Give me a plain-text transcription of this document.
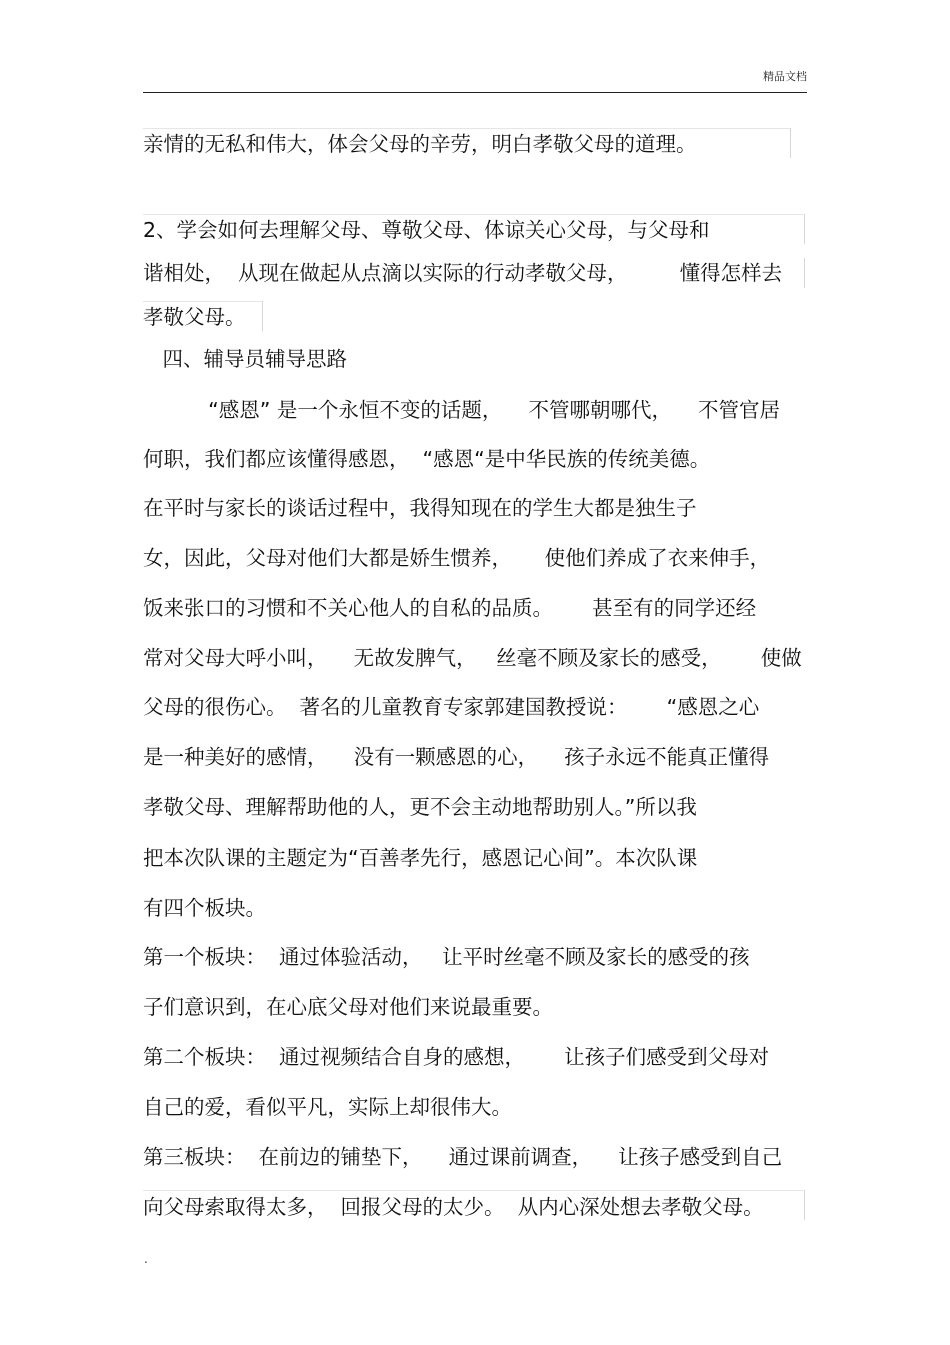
精品文档
亲情的无私和伟大，体会父母的辛劳，明白孝敬父母的道理。
2、学会如何去理解父母、尊敬父母、体谅关心父母，与父母和
谐相处，  从现在做起从点滴以实际的行动孝敬父母，        懂得怎样去
孝敬父母。
四、辅导员辅导思路
“感恩” 是一个永恒不变的话题，    不管哪朝哪代，    不管官居
何职，我们都应该懂得感恩，  “感恩“是中华民族的传统美德。
在平时与家长的谈话过程中，我得知现在的学生大都是独生子
女，因此，父母对他们大都是娇生惯养，     使他们养成了衣来伸手，
饭来张口的习惯和不关心他人的自私的品质。      甚至有的同学还经
常对父母大呼小叫，    无故发脾气，   丝毫不顾及家长的感受，      使做
父母的很伤心。  著名的儿童教育专家郭建国教授说：      “感恩之心
是一种美好的感情，    没有一颗感恩的心，    孩子永远不能真正懂得
孝敬父母、理解帮助他的人，更不会主动地帮助别人。”所以我
把本次队课的主题定为“百善孝先行，感恩记心间”。本次队课
有四个板块。
第一个板块：  通过体验活动，   让平时丝毫不顾及家长的感受的孩
子们意识到，在心底父母对他们来说最重要。
第二个板块：  通过视频结合自身的感想，      让孩子们感受到父母对
自己的爱，看似平凡，实际上却很伟大。
第三板块：  在前边的铺垫下，    通过课前调查，    让孩子感受到自己
向父母索取得太多，  回报父母的太少。  从内心深处想去孝敬父母。
.
